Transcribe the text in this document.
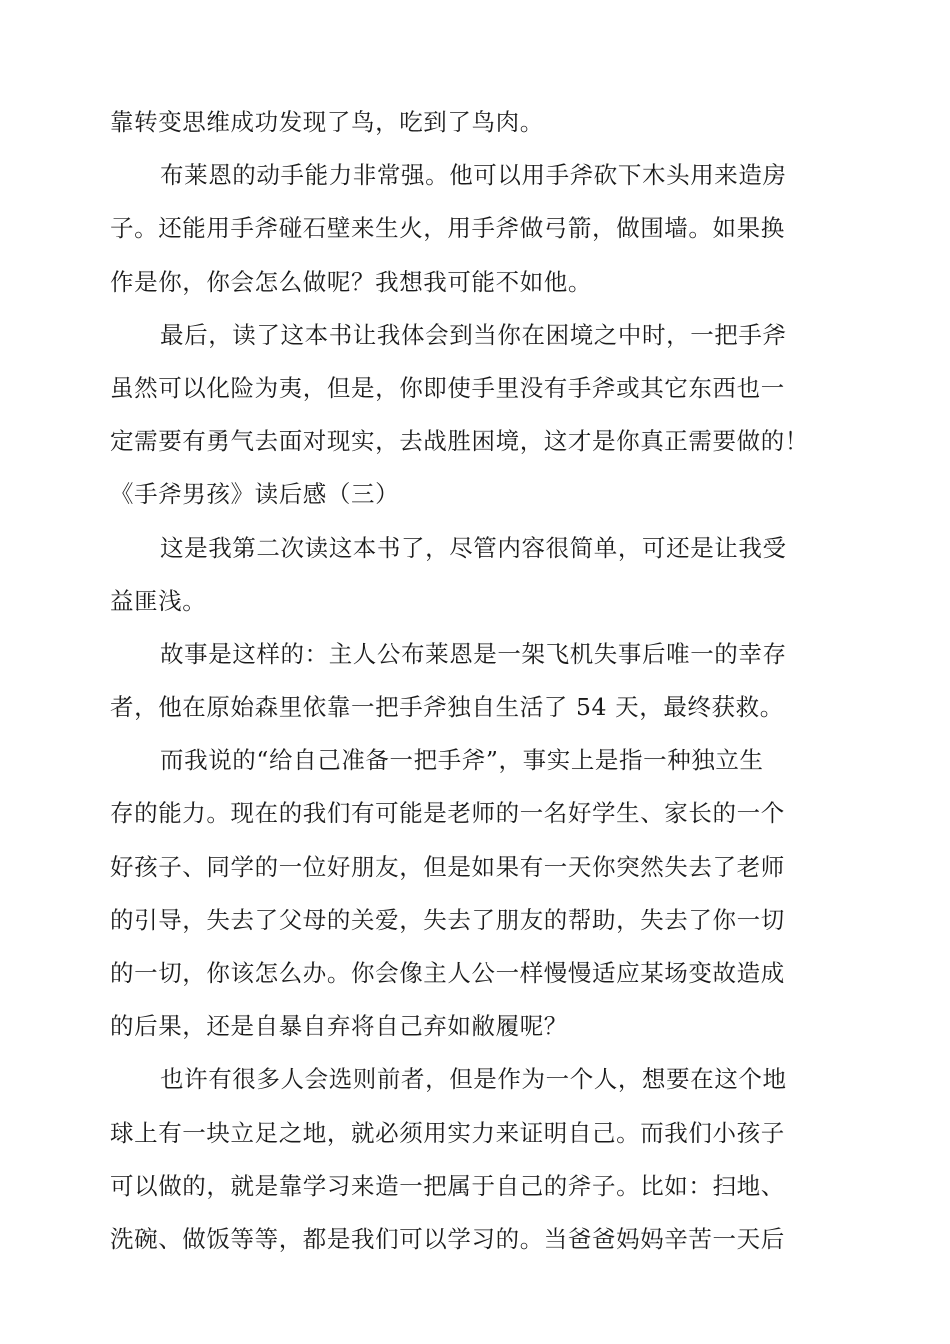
靠转变思维成功发现了鸟，吃到了鸟肉。
布莱恩的动手能力非常强。他可以用手斧砍下木头用来造房
子。还能用手斧碰石壁来生火，用手斧做弓箭，做围墙。如果换
作是你，你会怎么做呢？我想我可能不如他。
最后，读了这本书让我体会到当你在困境之中时，一把手斧
虽然可以化险为夷，但是，你即使手里没有手斧或其它东西也一
定需要有勇气去面对现实，去战胜困境，这才是你真正需要做的！
《手斧男孩》读后感（三）
这是我第二次读这本书了，尽管内容很简单，可还是让我受
益匪浅。
故事是这样的：主人公布莱恩是一架飞机失事后唯一的幸存
者，他在原始森里依靠一把手斧独自生活了 54 天，最终获救。
而我说的“给自己准备一把手斧”，事实上是指一种独立生
存的能力。现在的我们有可能是老师的一名好学生、家长的一个
好孩子、同学的一位好朋友，但是如果有一天你突然失去了老师
的引导，失去了父母的关爱，失去了朋友的帮助，失去了你一切
的一切，你该怎么办。你会像主人公一样慢慢适应某场变故造成
的后果，还是自暴自弃将自己弃如敝履呢？
也许有很多人会选则前者，但是作为一个人，想要在这个地
球上有一块立足之地，就必须用实力来证明自己。而我们小孩子
可以做的，就是靠学习来造一把属于自己的斧子。比如：扫地、
洗碗、做饭等等，都是我们可以学习的。当爸爸妈妈辛苦一天后
